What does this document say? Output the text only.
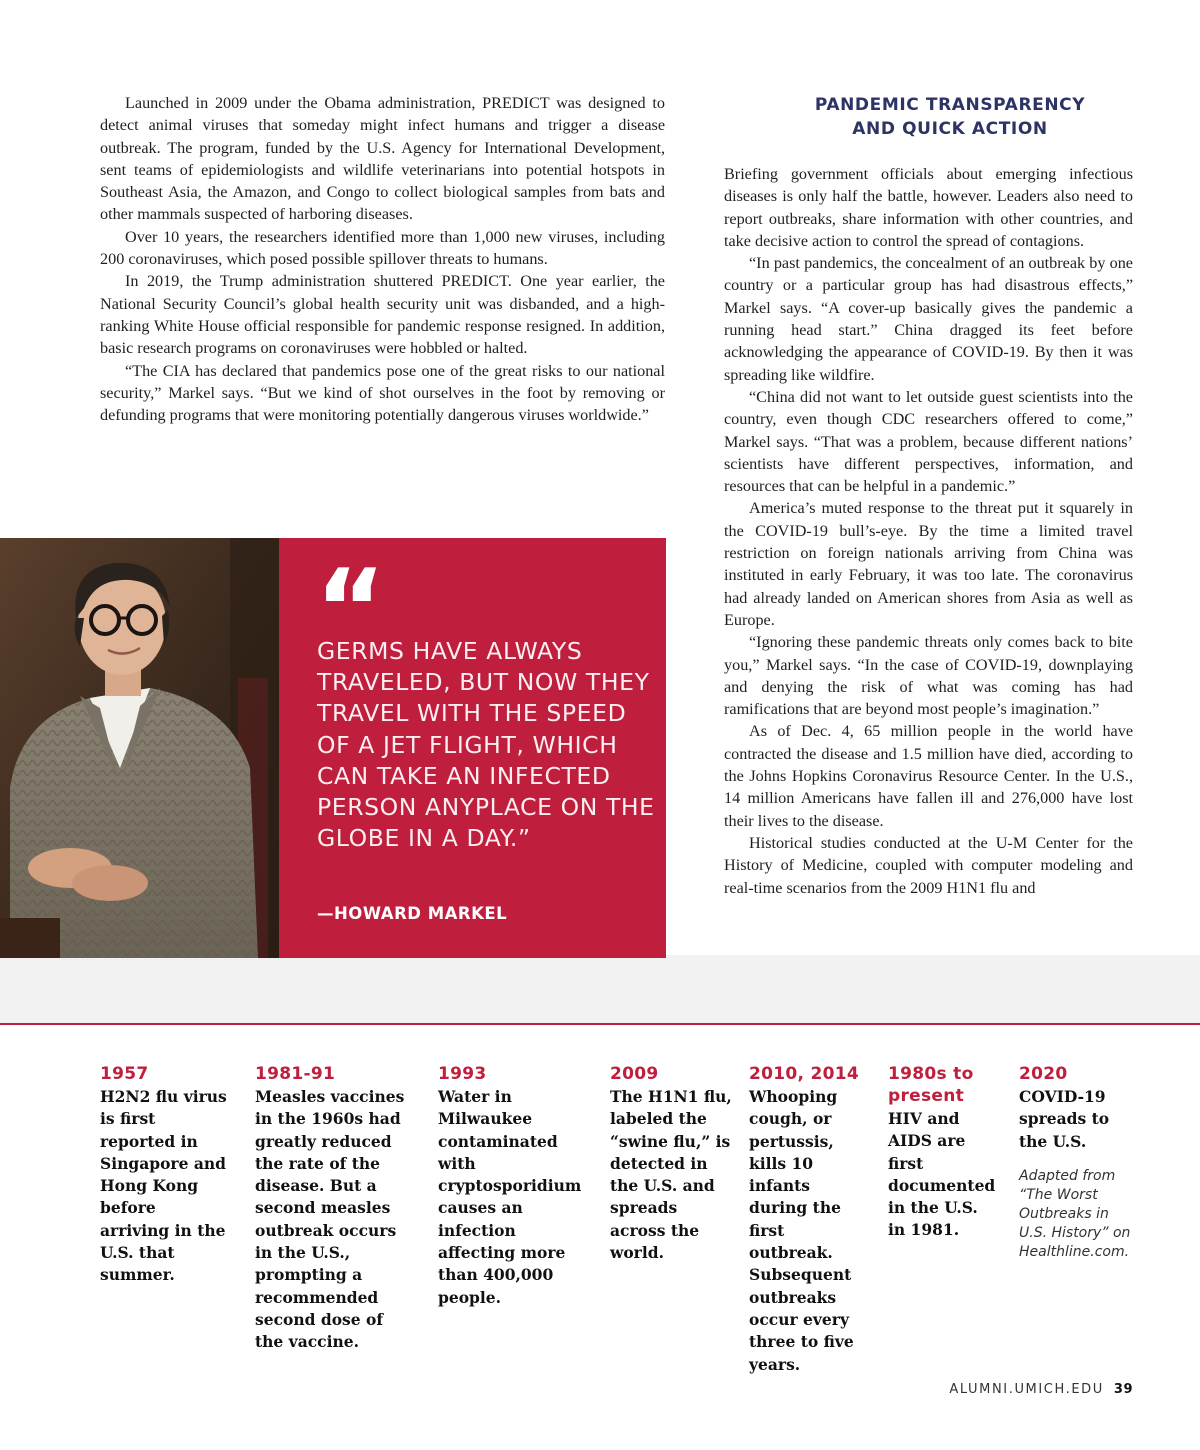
Launched in 2009 under the Obama administration, PREDICT was designed to detect animal viruses that someday might infect humans and trigger a disease outbreak. The program, funded by the U.S. Agency for International Development, sent teams of epidemiologists and wildlife veterinarians into potential hotspots in Southeast Asia, the Amazon, and Congo to collect biological samples from bats and other mammals suspected of harboring diseases.

Over 10 years, the researchers identified more than 1,000 new viruses, including 200 coronaviruses, which posed possible spillover threats to humans.

In 2019, the Trump administration shuttered PREDICT. One year earlier, the National Security Council’s global health security unit was disbanded, and a high-ranking White House official responsible for pandemic response resigned. In addition, basic research programs on coronaviruses were hobbled or halted.

“The CIA has declared that pandemics pose one of the great risks to our national security,” Markel says. “But we kind of shot ourselves in the foot by removing or defunding programs that were monitoring potentially dangerous viruses worldwide.”

PANDEMIC TRANSPARENCY
AND QUICK ACTION

Briefing government officials about emerging infectious diseases is only half the battle, however. Leaders also need to report outbreaks, share information with other countries, and take decisive action to control the spread of contagions.

“In past pandemics, the concealment of an outbreak by one country or a particular group has had disastrous effects,” Markel says. “A cover-up basically gives the pandemic a running head start.” China dragged its feet before acknowledging the appearance of COVID-19. By then it was spreading like wildfire.

“China did not want to let outside guest scientists into the country, even though CDC researchers offered to come,” Markel says. “That was a problem, because different nations’ scientists have different perspectives, information, and resources that can be helpful in a pandemic.”

America’s muted response to the threat put it squarely in the COVID-19 bull’s-eye. By the time a limited travel restriction on foreign nationals arriving from China was instituted in early February, it was too late. The coronavirus had already landed on American shores from Asia as well as Europe.

“Ignoring these pandemic threats only comes back to bite you,” Markel says. “In the case of COVID-19, downplaying and denying the risk of what was coming has had ramifications that are beyond most people’s imagination.”

As of Dec. 4, 65 million people in the world have contracted the disease and 1.5 million have died, according to the Johns Hopkins Coronavirus Resource Center. In the U.S., 14 million Americans have fallen ill and 276,000 have lost their lives to the disease.

Historical studies conducted at the U-M Center for the History of Medicine, coupled with computer modeling and real-time scenarios from the 2009 H1N1 flu and

“
GERMS HAVE ALWAYS TRAVELED, BUT NOW THEY TRAVEL WITH THE SPEED OF A JET FLIGHT, WHICH CAN TAKE AN INFECTED PERSON ANYPLACE ON THE GLOBE IN A DAY.”
—HOWARD MARKEL
1957
H2N2 flu virus is first reported in Singapore and Hong Kong before arriving in the U.S. that summer.
1981-91
Measles vaccines in the 1960s had greatly reduced the rate of the disease. But a second measles outbreak occurs in the U.S., prompting a recommended second dose of the vaccine.
1993
Water in Milwaukee contaminated with cryptosporidium causes an infection affecting more than 400,000 people.
2009
The H1N1 flu, labeled the “swine flu,” is detected in the U.S. and spreads across the world.
2010, 2014
Whooping cough, or pertussis, kills 10 infants during the first outbreak. Subsequent outbreaks occur every three to five years.
1980s to present
HIV and AIDS are first documented in the U.S. in 1981.
2020
COVID-19 spreads to the U.S.
Adapted from “The Worst Outbreaks in U.S. History” on Healthline.com.
ALUMNI.UMICH.EDU 39
